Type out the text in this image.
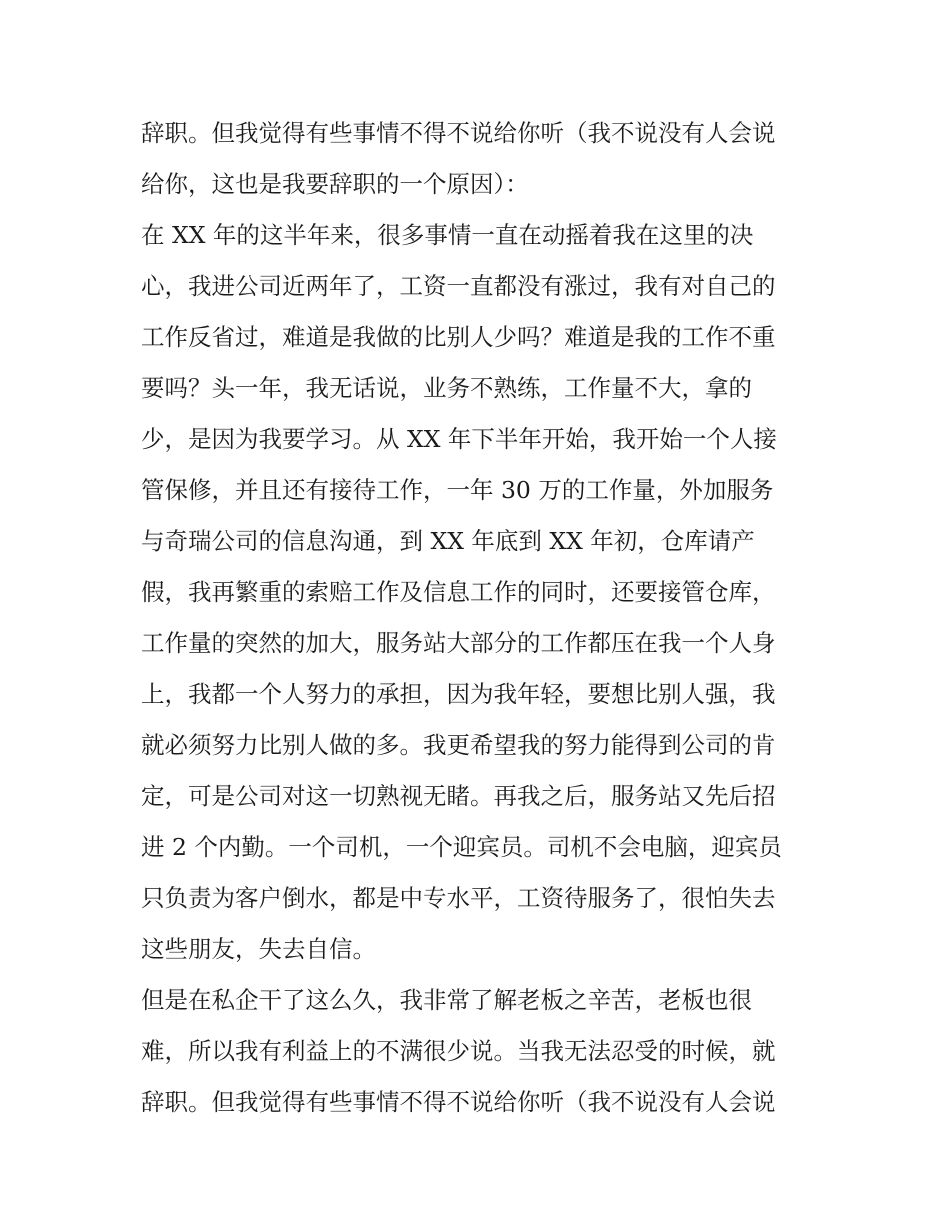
辞职。但我觉得有些事情不得不说给你听（我不说没有人会说
给你，这也是我要辞职的一个原因）：
在 XX 年的这半年来，很多事情一直在动摇着我在这里的决
心，我进公司近两年了，工资一直都没有涨过，我有对自己的
工作反省过，难道是我做的比别人少吗？难道是我的工作不重
要吗？头一年，我无话说，业务不熟练，工作量不大，拿的
少，是因为我要学习。从 XX 年下半年开始，我开始一个人接
管保修，并且还有接待工作，一年 30 万的工作量，外加服务
与奇瑞公司的信息沟通，到 XX 年底到 XX 年初，仓库请产
假，我再繁重的索赔工作及信息工作的同时，还要接管仓库，
工作量的突然的加大，服务站大部分的工作都压在我一个人身
上，我都一个人努力的承担，因为我年轻，要想比别人强，我
就必须努力比别人做的多。我更希望我的努力能得到公司的肯
定，可是公司对这一切熟视无睹。再我之后，服务站又先后招
进 2 个内勤。一个司机，一个迎宾员。司机不会电脑，迎宾员
只负责为客户倒水，都是中专水平，工资待服务了，很怕失去
这些朋友，失去自信。
但是在私企干了这么久，我非常了解老板之辛苦，老板也很
难，所以我有利益上的不满很少说。当我无法忍受的时候，就
辞职。但我觉得有些事情不得不说给你听（我不说没有人会说
